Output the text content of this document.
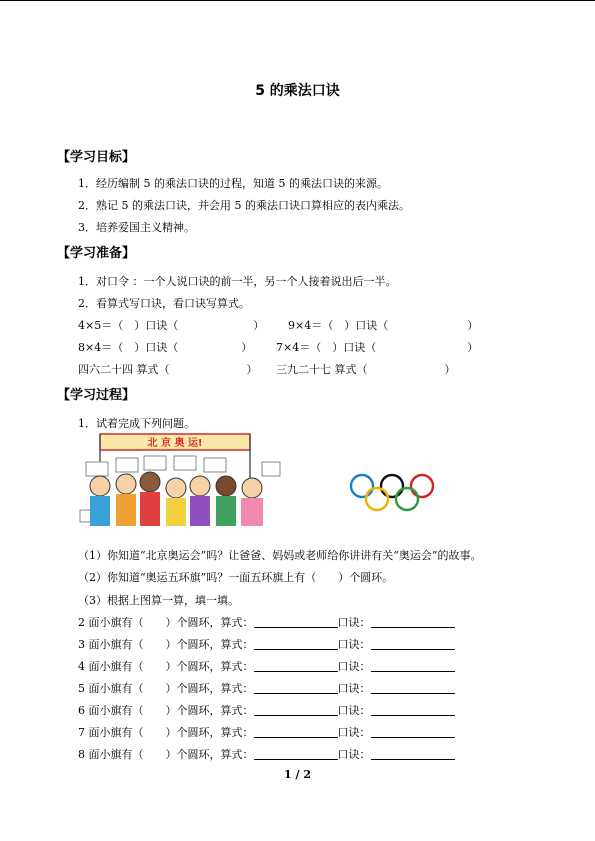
5 的乘法口诀
【学习目标】
1．经历编制 5 的乘法口诀的过程，知道 5 的乘法口诀的来源。
2．熟记 5 的乘法口诀，并会用 5 的乘法口诀口算相应的表内乘法。
3．培养爱国主义精神。
【学习准备】
1．对口令 ：一个人说口诀的前一半，另一个人接着说出后一半。
2．看算式写口诀，看口诀写算式。
4×5＝（　）口诀（	） 9×4＝（　）口诀（	）
8×4＝（　）口诀（	） 7×4＝（　）口诀（	）
四六二十四 算式（	） 三九二十七 算式（	）
【学习过程】
1．试着完成下列问题。
北 京 奥 运!
（1）你知道“北京奥运会”吗？让爸爸、妈妈或老师给你讲讲有关“奥运会”的故事。
（2）你知道“奥运五环旗”吗？一面五环旗上有（　　）个圆环。
（3）根据上图算一算，填一填。
2 面小旗有（　　）个圆环，算式：	口诀：
3 面小旗有（　　）个圆环，算式：	口诀：
4 面小旗有（　　）个圆环，算式：	口诀：
5 面小旗有（　　）个圆环，算式：	口诀：
6 面小旗有（　　）个圆环，算式：	口诀：
7 面小旗有（　　）个圆环，算式：	口诀：
8 面小旗有（　　）个圆环，算式：	口诀：
1 / 2
